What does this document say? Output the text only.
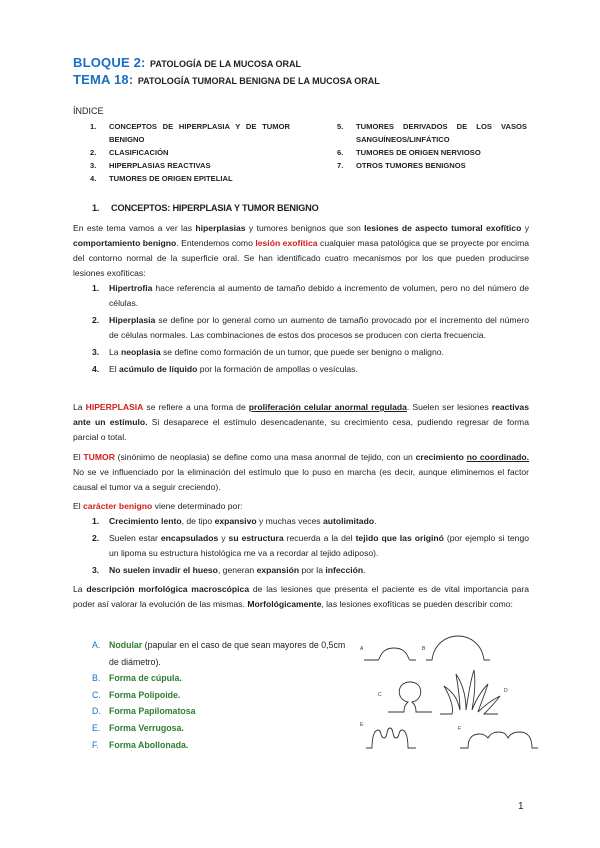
BLOQUE 2: PATOLOGÍA DE LA MUCOSA ORAL
TEMA 18: PATOLOGÍA TUMORAL BENIGNA DE LA MUCOSA ORAL
ÍNDICE
1.	CONCEPTOS DE HIPERPLASIA Y DE TUMOR BENIGNO
2.	CLASIFICACIÓN
3.	HIPERPLASIAS REACTIVAS
4.	TUMORES DE ORIGEN EPITELIAL
5.	TUMORES DERIVADOS DE LOS VASOS SANGUÍNEOS/LINFÁTICO
6.	TUMORES DE ORIGEN NERVIOSO
7.	OTROS TUMORES BENIGNOS
1. CONCEPTOS: HIPERPLASIA Y TUMOR BENIGNO
En este tema vamos a ver las hiperplasias y tumores benignos que son lesiones de aspecto tumoral exofítico y comportamiento benigno. Entendemos como lesión exofítica cualquier masa patológica que se proyecte por encima del contorno normal de la superficie oral. Se han identificado cuatro mecanismos por los que pueden producirse lesiones exofíticas:
1.	Hipertrofia hace referencia al aumento de tamaño debido a incremento de volumen, pero no del número de células.
2.	Hiperplasia se define por lo general como un aumento de tamaño provocado por el incremento del número de células normales. Las combinaciones de estos dos procesos se producen con cierta frecuencia.
3.	La neoplasia se define como formación de un tumor, que puede ser benigno o maligno.
4.	El acúmulo de líquido por la formación de ampollas o vesículas.
La HIPERPLASIA se refiere a una forma de proliferación celular anormal regulada. Suelen ser lesiones reactivas ante un estímulo. Si desaparece el estímulo desencadenante, su crecimiento cesa, pudiendo regresar de forma parcial o total.
El TUMOR (sinónimo de neoplasia) se define como una masa anormal de tejido, con un crecimiento no coordinado. No se ve influenciado por la eliminación del estímulo que lo puso en marcha (es decir, aunque eliminemos el factor causal el tumor va a seguir creciendo).
El carácter benigno viene determinado por:
1.	Crecimiento lento, de tipo expansivo y muchas veces autolimitado.
2.	Suelen estar encapsulados y su estructura recuerda a la del tejido que las originó (por ejemplo si tengo un lipoma su estructura histológica me va a recordar al tejido adiposo).
3.	No suelen invadir el hueso, generan expansión por la infección.
La descripción morfológica macroscópica de las lesiones que presenta el paciente es de vital importancia para poder así valorar la evolución de las mismas. Morfológicamente, las lesiones exofíticas se pueden describir como:
A. Nodular (papular en el caso de que sean mayores de 0,5cm de diámetro).
B. Forma de cúpula.
C. Forma Polipoide.
D. Forma Papilomatosa
E. Forma Verrugosa.
F.	Forma Abollonada.
A	B
C
D
E
F
1
